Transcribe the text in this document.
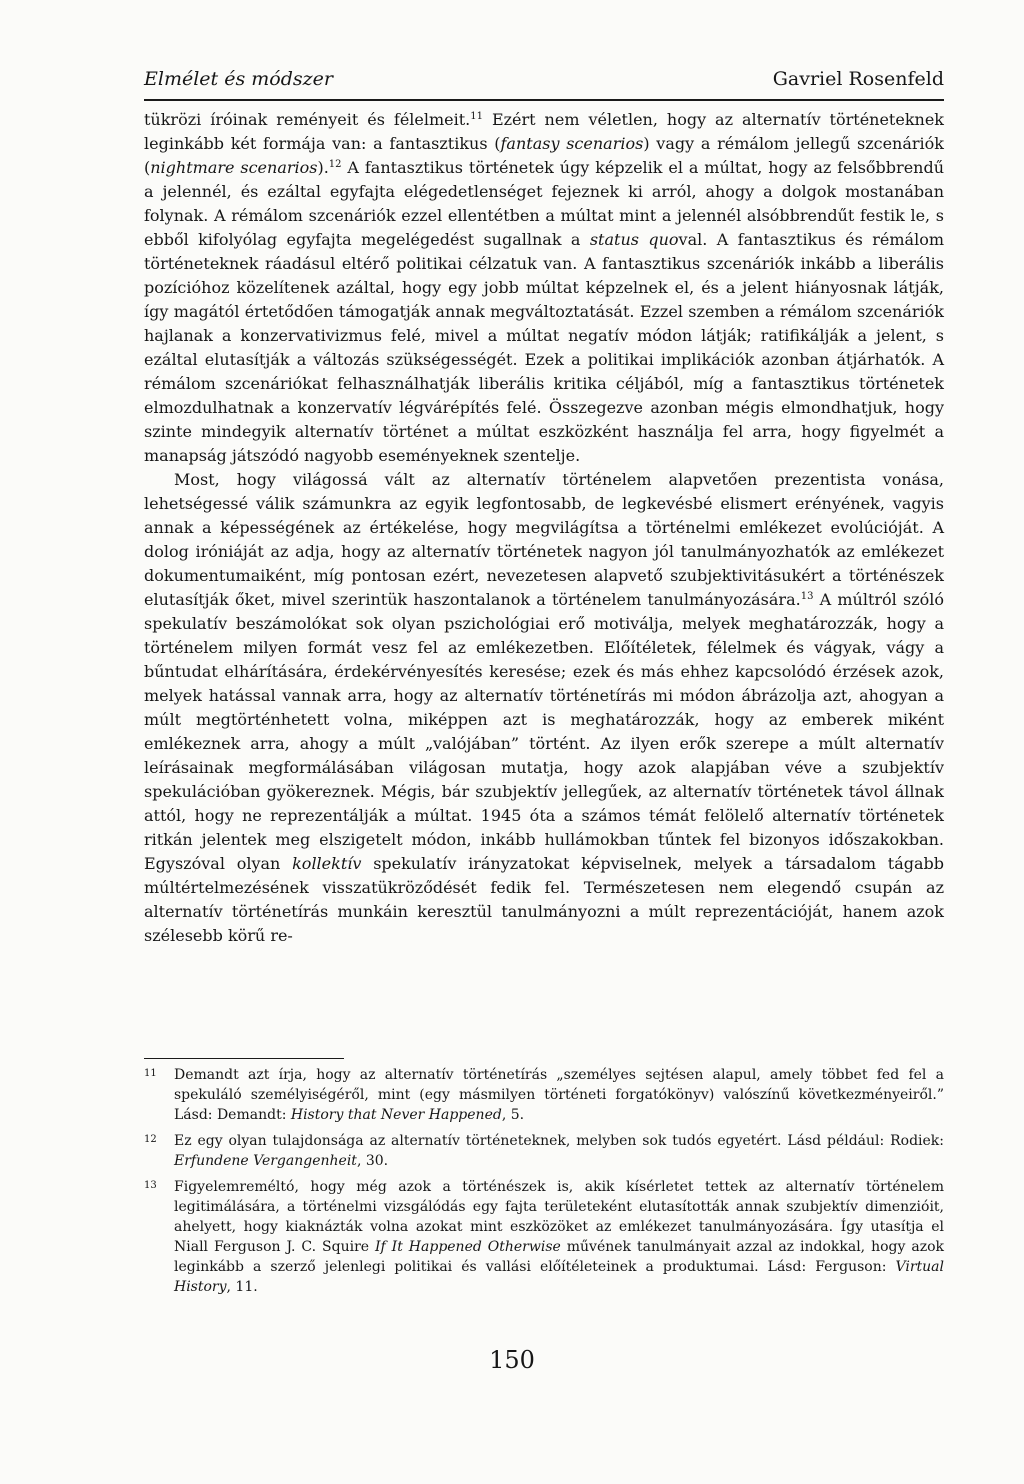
Elmélet és módszer	Gavriel Rosenfeld

tükrözi íróinak reményeit és félelmeit.$^{11}$ Ezért nem véletlen, hogy az alternatív történeteknek leginkább két formája van: a fantasztikus (fantasy scenarios) vagy a rémálom jellegű szcenáriók (nightmare scenarios).$^{12}$ A fantasztikus történetek úgy képzelik el a múltat, hogy az felsőbbrendű a jelennél, és ezáltal egyfajta elégedetlenséget fejeznek ki arról, ahogy a dolgok mostanában folynak. A rémálom szcenáriók ezzel ellentétben a múltat mint a jelennél alsóbbrendűt festik le, s ebből kifolyólag egyfajta megelégedést sugallnak a status quoval. A fantasztikus és rémálom történeteknek ráadásul eltérő politikai célzatuk van. A fantasztikus szcenáriók inkább a liberális pozícióhoz közelítenek azáltal, hogy egy jobb múltat képzelnek el, és a jelent hiányosnak látják, így magától értetődően támogatják annak megváltoztatását. Ezzel szemben a rémálom szcenáriók hajlanak a konzervativizmus felé, mivel a múltat negatív módon látják; ratifikálják a jelent, s ezáltal elutasítják a változás szükségességét. Ezek a politikai implikációk azonban átjárhatók. A rémálom szcenáriókat felhasználhatják liberális kritika céljából, míg a fantasztikus történetek elmozdulhatnak a konzervatív légvárépítés felé. Összegezve azonban mégis elmondhatjuk, hogy szinte mindegyik alternatív történet a múltat eszközként használja fel arra, hogy figyelmét a manapság játszódó nagyobb eseményeknek szentelje.

Most, hogy világossá vált az alternatív történelem alapvetően prezentista vonása, lehetségessé válik számunkra az egyik legfontosabb, de legkevésbé elismert erényének, vagyis annak a képességének az értékelése, hogy megvilágítsa a történelmi emlékezet evolúcióját. A dolog iróniáját az adja, hogy az alternatív történetek nagyon jól tanulmányozhatók az emlékezet dokumentumaiként, míg pontosan ezért, nevezetesen alapvető szubjektivitásukért a történészek elutasítják őket, mivel szerintük haszontalanok a történelem tanulmányozására.$^{13}$ A múltról szóló spekulatív beszámolókat sok olyan pszichológiai erő motiválja, melyek meghatározzák, hogy a történelem milyen formát vesz fel az emlékezetben. Előítéletek, félelmek és vágyak, vágy a bűntudat elhárítására, érdekérvényesítés keresése; ezek és más ehhez kapcsolódó érzések azok, melyek hatással vannak arra, hogy az alternatív történetírás mi módon ábrázolja azt, ahogyan a múlt megtörténhetett volna, miképpen azt is meghatározzák, hogy az emberek miként emlékeznek arra, ahogy a múlt „valójában” történt. Az ilyen erők szerepe a múlt alternatív leírásainak megformálásában világosan mutatja, hogy azok alapjában véve a szubjektív spekulációban gyökereznek. Mégis, bár szubjektív jellegűek, az alternatív történetek távol állnak attól, hogy ne reprezentálják a múltat. 1945 óta a számos témát felölelő alternatív történetek ritkán jelentek meg elszigetelt módon, inkább hullámokban tűntek fel bizonyos időszakokban. Egyszóval olyan kollektív spekulatív irányzatokat képviselnek, melyek a társadalom tágabb múltértelmezésének visszatükröződését fedik fel. Természetesen nem elegendő csupán az alternatív történetírás munkáin keresztül tanulmányozni a múlt reprezentációját, hanem azok szélesebb körű re-

11	Demandt azt írja, hogy az alternatív történetírás „személyes sejtésen alapul, amely többet fed fel a spekuláló személyiségéről, mint (egy másmilyen történeti forgatókönyv) valószínű következményeiről.” Lásd: Demandt: History that Never Happened, 5.
12	Ez egy olyan tulajdonsága az alternatív történeteknek, melyben sok tudós egyetért. Lásd például: Rodiek: Erfundene Vergangenheit, 30.
13	Figyelemreméltó, hogy még azok a történészek is, akik kísérletet tettek az alternatív történelem legitimálására, a történelmi vizsgálódás egy fajta területeként elutasították annak szubjektív dimenzióit, ahelyett, hogy kiaknázták volna azokat mint eszközöket az emlékezet tanulmányozására. Így utasítja el Niall Ferguson J. C. Squire If It Happened Otherwise művének tanulmányait azzal az indokkal, hogy azok leginkább a szerző jelenlegi politikai és vallási előítéleteinek a produktumai. Lásd: Ferguson: Virtual History, 11.
150
